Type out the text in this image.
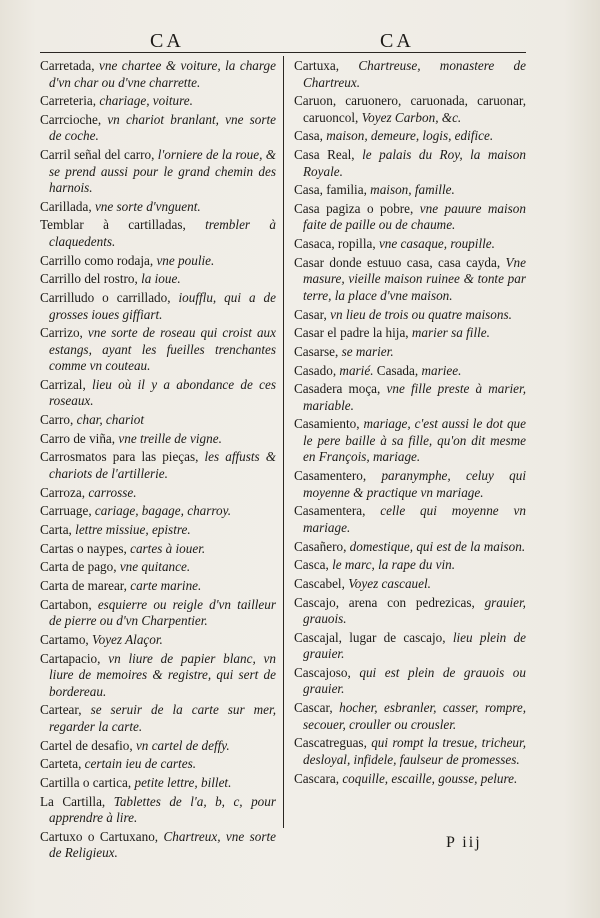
CA	CA
Carretada, vne chartee & voiture, la charge d'vn char ou d'vne charrette.
Carreteria, chariage, voiture.
Carrcioche, vn chariot branlant, vne sorte de coche.
Carril señal del carro, l'orniere de la roue, & se prend aussi pour le grand chemin des harnois.
Carillada, vne sorte d'vnguent.
Temblar à cartilladas, trembler à claquedents.
Carrillo como rodaja, vne poulie.
Carrillo del rostro, la ioue.
Carrilludo o carrillado, ioufflu, qui a de grosses ioues giffiart.
Carrizo, vne sorte de roseau qui croist aux estangs, ayant les fueilles trenchantes comme vn couteau.
Carrizal, lieu où il y a abondance de ces roseaux.
Carro, char, chariot
Carro de viña, vne treille de vigne.
Carrosmatos para las pieças, les affusts & chariots de l'artillerie.
Carroza, carrosse.
Carruage, cariage, bagage, charroy.
Carta, lettre missiue, epistre.
Cartas o naypes, cartes à iouer.
Carta de pago, vne quitance.
Carta de marear, carte marine.
Cartabon, esquierre ou reigle d'vn tailleur de pierre ou d'vn Charpentier.
Cartamo, Voyez Alaçor.
Cartapacio, vn liure de papier blanc, vn liure de memoires & registre, qui sert de bordereau.
Cartear, se seruir de la carte sur mer, regarder la carte.
Cartel de desafio, vn cartel de deffy.
Carteta, certain ieu de cartes.
Cartilla o cartica, petite lettre, billet.
La Cartilla, Tablettes de l'a, b, c, pour apprendre à lire.
Cartuxo o Cartuxano, Chartreux, vne sorte de Religieux.
Cartuxa, Chartreuse, monastere de Chartreux.
Caruon, caruonero, caruonada, caruonar, caruoncol, Voyez Carbon, &c.
Casa, maison, demeure, logis, edifice.
Casa Real, le palais du Roy, la maison Royale.
Casa, familia, maison, famille.
Casa pagiza o pobre, vne pauure maison faite de paille ou de chaume.
Casaca, ropilla, vne casaque, roupille.
Casar donde estuuo casa, casa cayda, Vne masure, vieille maison ruinee & tonte par terre, la place d'vne maison.
Casar, vn lieu de trois ou quatre maisons.
Casar el padre la hija, marier sa fille.
Casarse, se marier.
Casado, marié. Casada, mariee.
Casadera moça, vne fille preste à marier, mariable.
Casamiento, mariage, c'est aussi le dot que le pere baille à sa fille, qu'on dit mesme en François, mariage.
Casamentero, paranymphe, celuy qui moyenne & practique vn mariage.
Casamentera, celle qui moyenne vn mariage.
Casañero, domestique, qui est de la maison.
Casca, le marc, la rape du vin.
Cascabel, Voyez cascauel.
Cascajo, arena con pedrezicas, grauier, grauois.
Cascajal, lugar de cascajo, lieu plein de grauier.
Cascajoso, qui est plein de grauois ou grauier.
Cascar, hocher, esbranler, casser, rompre, secouer, crouller ou crousler.
Cascatreguas, qui rompt la tresue, tricheur, desloyal, infidele, faulseur de promesses.
Cascara, coquille, escaille, gousse, pelure.
P iij
